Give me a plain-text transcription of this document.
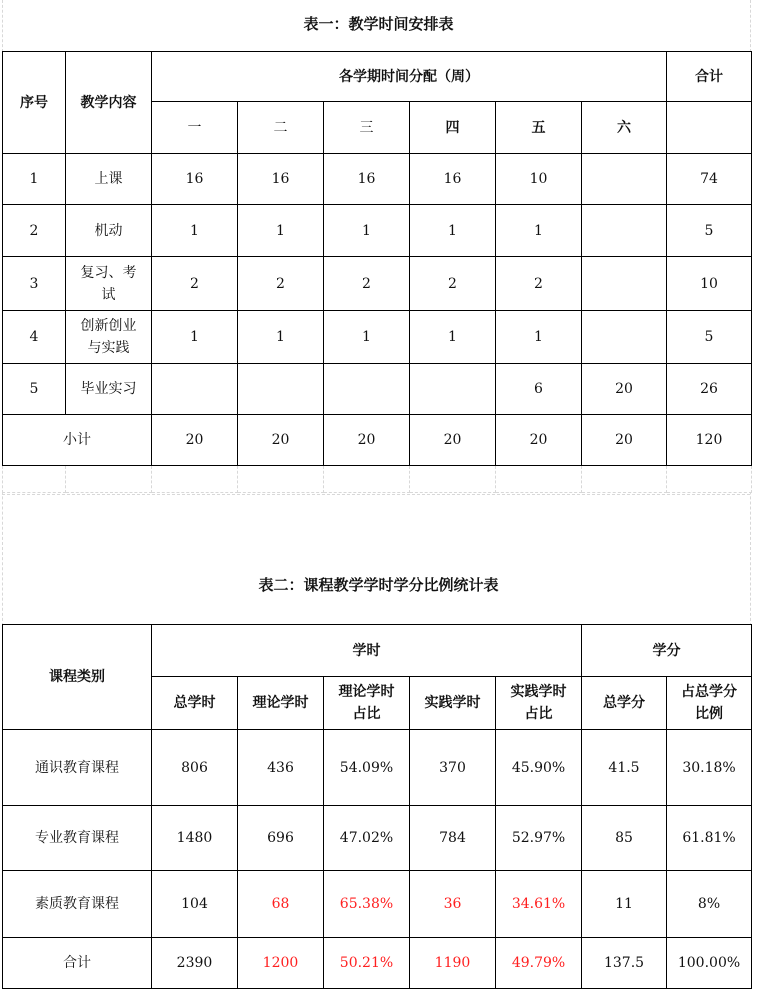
表一：教学时间安排表
序号	教学内容	各学期时间分配（周）						合计
		一	二	三	四	五	六	
1	上课	16	16	16	16	10		74
2	机动	1	1	1	1	1		5
3	复习、考试	2	2	2	2	2		10
4	创新创业与实践	1	1	1	1	1		5
5	毕业实习					6	20	26
小计		20	20	20	20	20	20	120

表二：课程教学学时学分比例统计表
课程类别	学时					学分	
	总学时	理论学时	理论学时占比	实践学时	实践学时占比	总学分	占总学分比例
通识教育课程	806	436	54.09%	370	45.90%	41.5	30.18%
专业教育课程	1480	696	47.02%	784	52.97%	85	61.81%
素质教育课程	104	68	65.38%	36	34.61%	11	8%
合计	2390	1200	50.21%	1190	49.79%	137.5	100.00%
